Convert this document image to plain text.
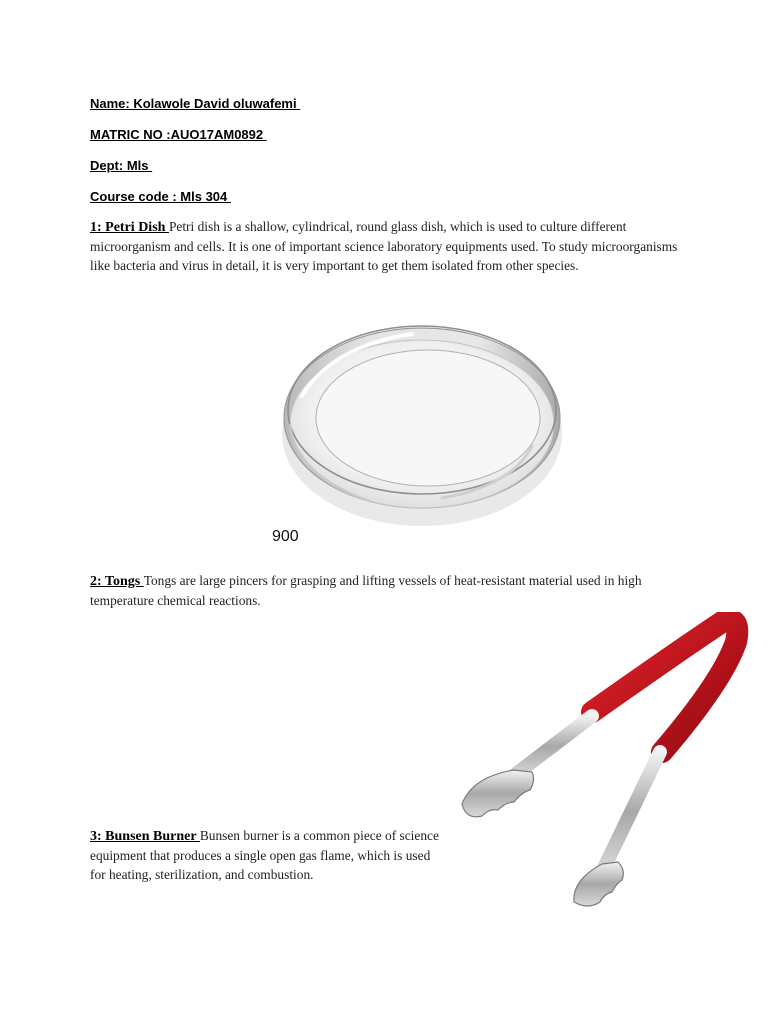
Name: Kolawole David oluwafemi
MATRIC NO :AUO17AM0892
Dept: Mls
Course code : Mls 304
1: Petri Dish Petri dish is a shallow, cylindrical, round glass dish, which is used to culture different microorganism and cells. It is one of important science laboratory equipments used. To study microorganisms like bacteria and virus in detail, it is very important to get them isolated from other species.
900
2: Tongs Tongs are large pincers for grasping and lifting vessels of heat-resistant material used in high temperature chemical reactions.
3: Bunsen Burner Bunsen burner is a common piece of science equipment that produces a single open gas flame, which is used for heating, sterilization, and combustion.
